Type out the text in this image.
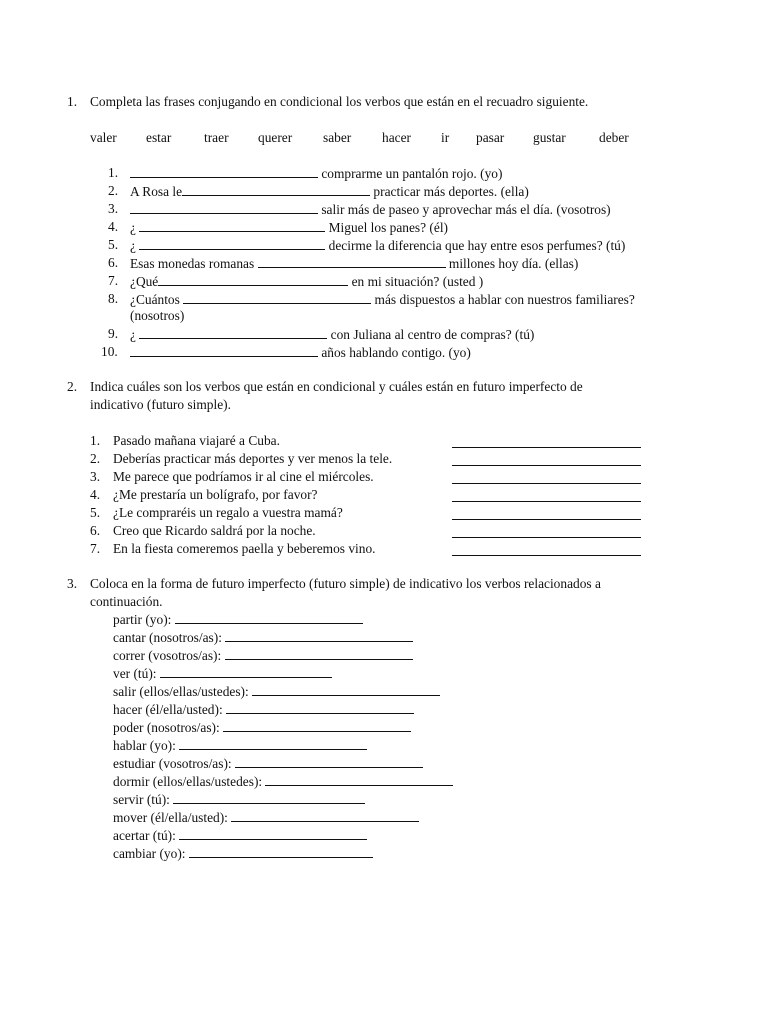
1. Completa las frases conjugando en condicional los verbos que están en el recuadro siguiente.
valer estar traer querer saber hacer ir pasar gustar deber
1.	comprarme un pantalón rojo. (yo)
2. A Rosa le	practicar más deportes. (ella)
3.	salir más de paseo y aprovechar más el día. (vosotros)
4. ¿	Miguel los panes? (él)
5. ¿	decirme la diferencia que hay entre esos perfumes? (tú)
6. Esas monedas romanas	millones hoy día. (ellas)
7. ¿Qué	en mi situación? (usted )
8. ¿Cuántos	más dispuestos a hablar con nuestros familiares?
(nosotros)
9. ¿	con Juliana al centro de compras? (tú)
10.	años hablando contigo. (yo)
2. Indica cuáles son los verbos que están en condicional y cuáles están en futuro imperfecto de
indicativo (futuro simple).
1. Pasado mañana viajaré a Cuba.
2. Deberías practicar más deportes y ver menos la tele.
3. Me parece que podríamos ir al cine el miércoles.
4. ¿Me prestaría un bolígrafo, por favor?
5. ¿Le compraréis un regalo a vuestra mamá?
6. Creo que Ricardo saldrá por la noche.
7. En la fiesta comeremos paella y beberemos vino.
3. Coloca en la forma de futuro imperfecto (futuro simple) de indicativo los verbos relacionados a
continuación.
partir (yo):
cantar (nosotros/as):
correr (vosotros/as):
ver (tú):
salir (ellos/ellas/ustedes):
hacer (él/ella/usted):
poder (nosotros/as):
hablar (yo):
estudiar (vosotros/as):
dormir (ellos/ellas/ustedes):
servir (tú):
mover (él/ella/usted):
acertar (tú):
cambiar (yo):
